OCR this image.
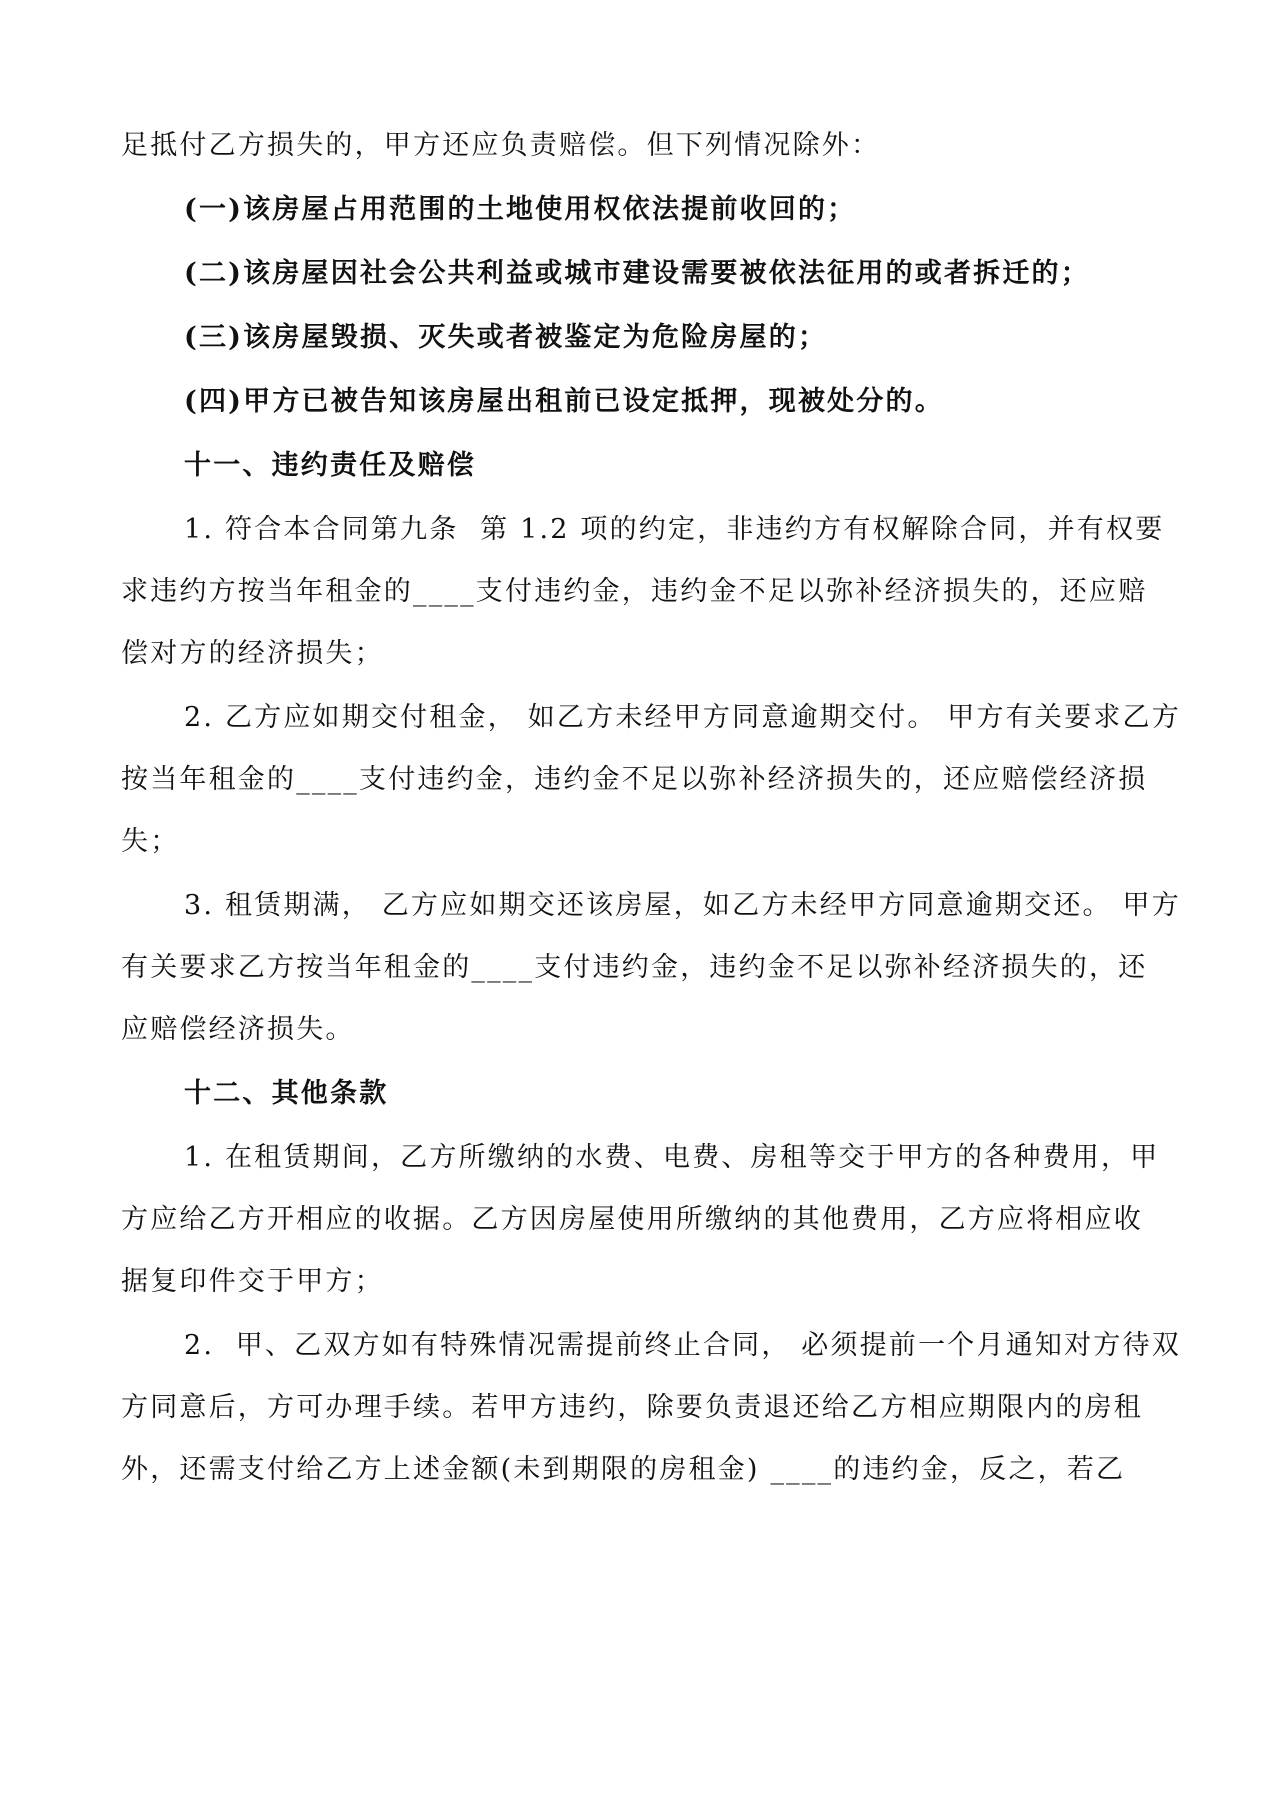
足抵付乙方损失的，甲方还应负责赔偿。但下列情况除外：
(一)该房屋占用范围的土地使用权依法提前收回的；
(二)该房屋因社会公共利益或城市建设需要被依法征用的或者拆迁的；
(三)该房屋毁损、灭失或者被鉴定为危险房屋的；
(四)甲方已被告知该房屋出租前已设定抵押，现被处分的。
十一、违约责任及赔偿
1. 符合本合同第九条  第 1.2 项的约定，非违约方有权解除合同，并有权要
求违约方按当年租金的____支付违约金，违约金不足以弥补经济损失的，还应赔
偿对方的经济损失；
2. 乙方应如期交付租金， 如乙方未经甲方同意逾期交付。 甲方有关要求乙方
按当年租金的____支付违约金，违约金不足以弥补经济损失的，还应赔偿经济损
失；
3. 租赁期满， 乙方应如期交还该房屋，如乙方未经甲方同意逾期交还。 甲方
有关要求乙方按当年租金的____支付违约金，违约金不足以弥补经济损失的，还
应赔偿经济损失。
十二、其他条款
1. 在租赁期间，乙方所缴纳的水费、电费、房租等交于甲方的各种费用，甲
方应给乙方开相应的收据。乙方因房屋使用所缴纳的其他费用，乙方应将相应收
据复印件交于甲方；
2.  甲、乙双方如有特殊情况需提前终止合同， 必须提前一个月通知对方待双
方同意后，方可办理手续。若甲方违约，除要负责退还给乙方相应期限内的房租
外，还需支付给乙方上述金额(未到期限的房租金) ____的违约金，反之，若乙
